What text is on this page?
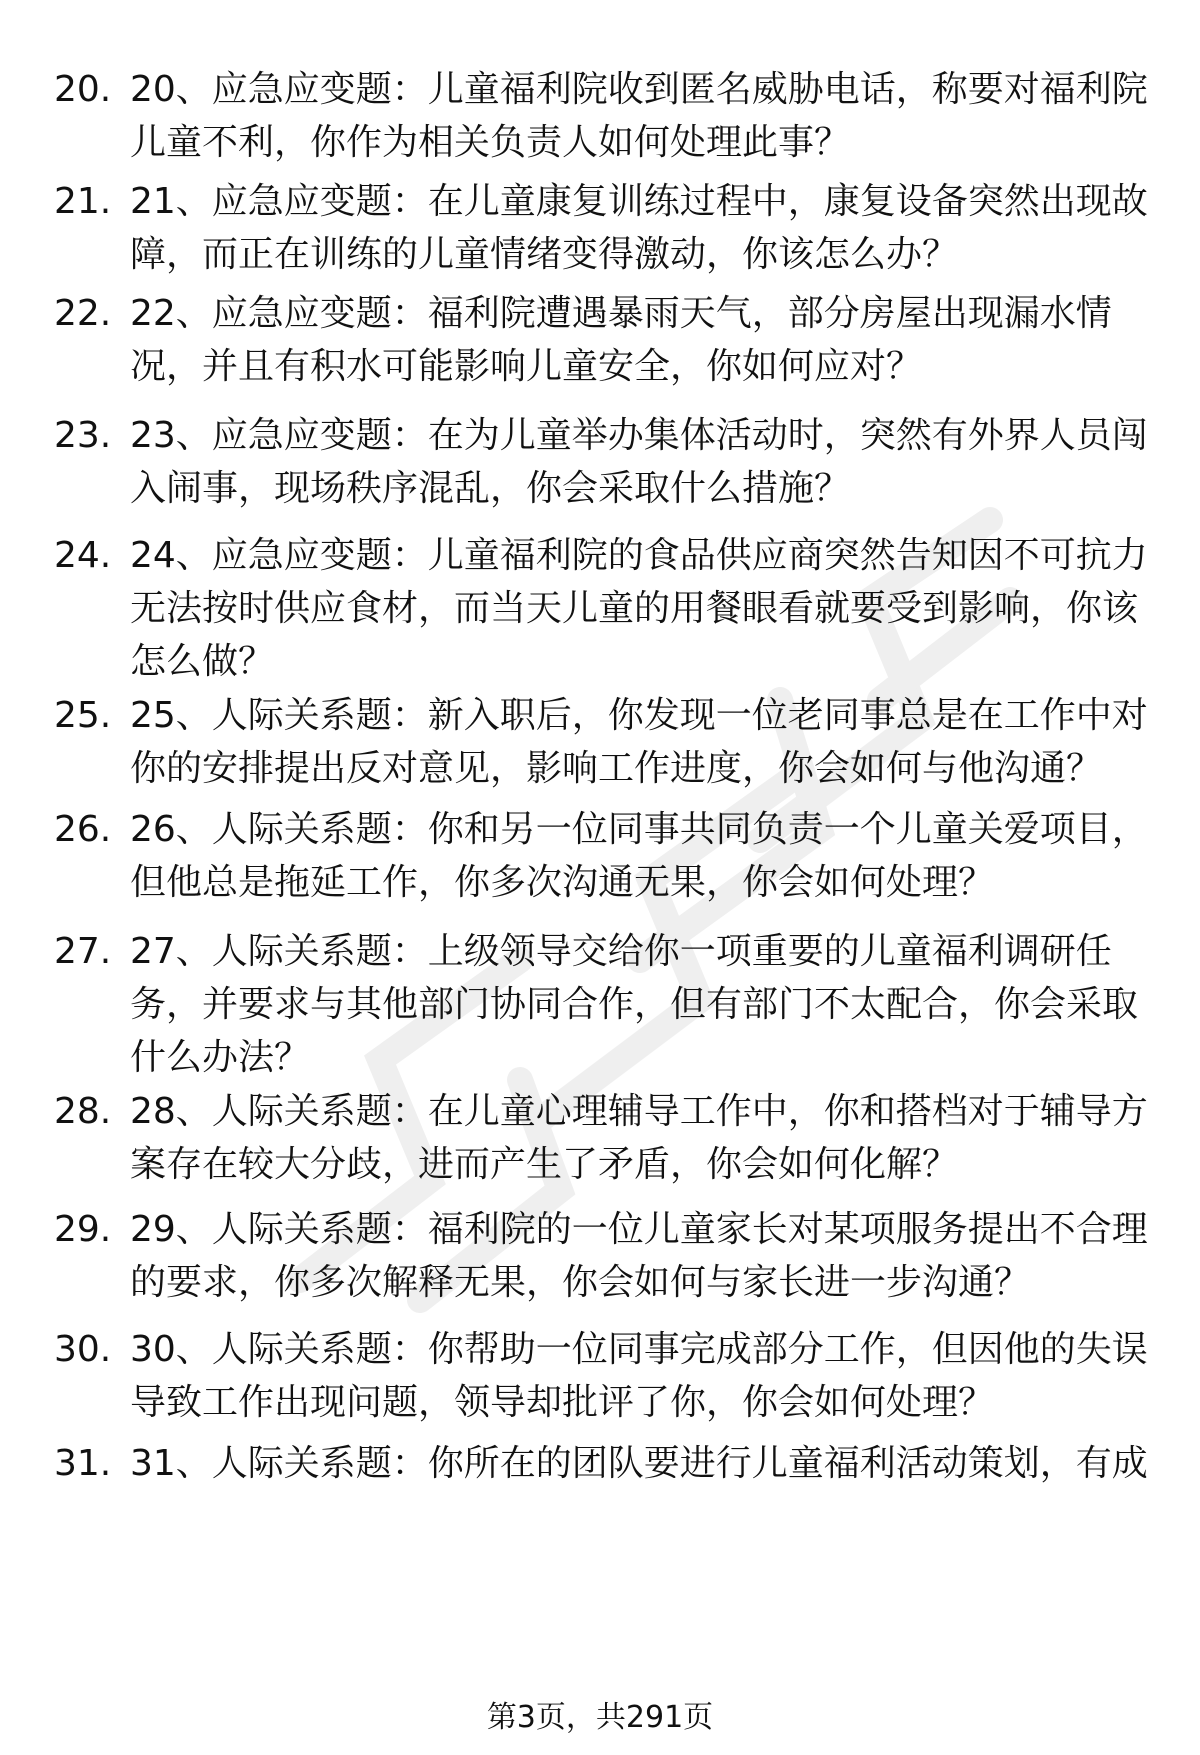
20. 20、应急应变题：儿童福利院收到匿名威胁电话，称要对福利院儿童不利，你作为相关负责人如何处理此事？
21. 21、应急应变题：在儿童康复训练过程中，康复设备突然出现故障，而正在训练的儿童情绪变得激动，你该怎么办？
22. 22、应急应变题：福利院遭遇暴雨天气，部分房屋出现漏水情况，并且有积水可能影响儿童安全，你如何应对？
23. 23、应急应变题：在为儿童举办集体活动时，突然有外界人员闯入闹事，现场秩序混乱，你会采取什么措施？
24. 24、应急应变题：儿童福利院的食品供应商突然告知因不可抗力无法按时供应食材，而当天儿童的用餐眼看就要受到影响，你该怎么做？
25. 25、人际关系题：新入职后，你发现一位老同事总是在工作中对你的安排提出反对意见，影响工作进度，你会如何与他沟通？
26. 26、人际关系题：你和另一位同事共同负责一个儿童关爱项目，但他总是拖延工作，你多次沟通无果，你会如何处理？
27. 27、人际关系题：上级领导交给你一项重要的儿童福利调研任务，并要求与其他部门协同合作，但有部门不太配合，你会采取什么办法？
28. 28、人际关系题：在儿童心理辅导工作中，你和搭档对于辅导方案存在较大分歧，进而产生了矛盾，你会如何化解？
29. 29、人际关系题：福利院的一位儿童家长对某项服务提出不合理的要求，你多次解释无果，你会如何与家长进一步沟通？
30. 30、人际关系题：你帮助一位同事完成部分工作，但因他的失误导致工作出现问题，领导却批评了你，你会如何处理？
31. 31、人际关系题：你所在的团队要进行儿童福利活动策划，有成
第3页，共291页
